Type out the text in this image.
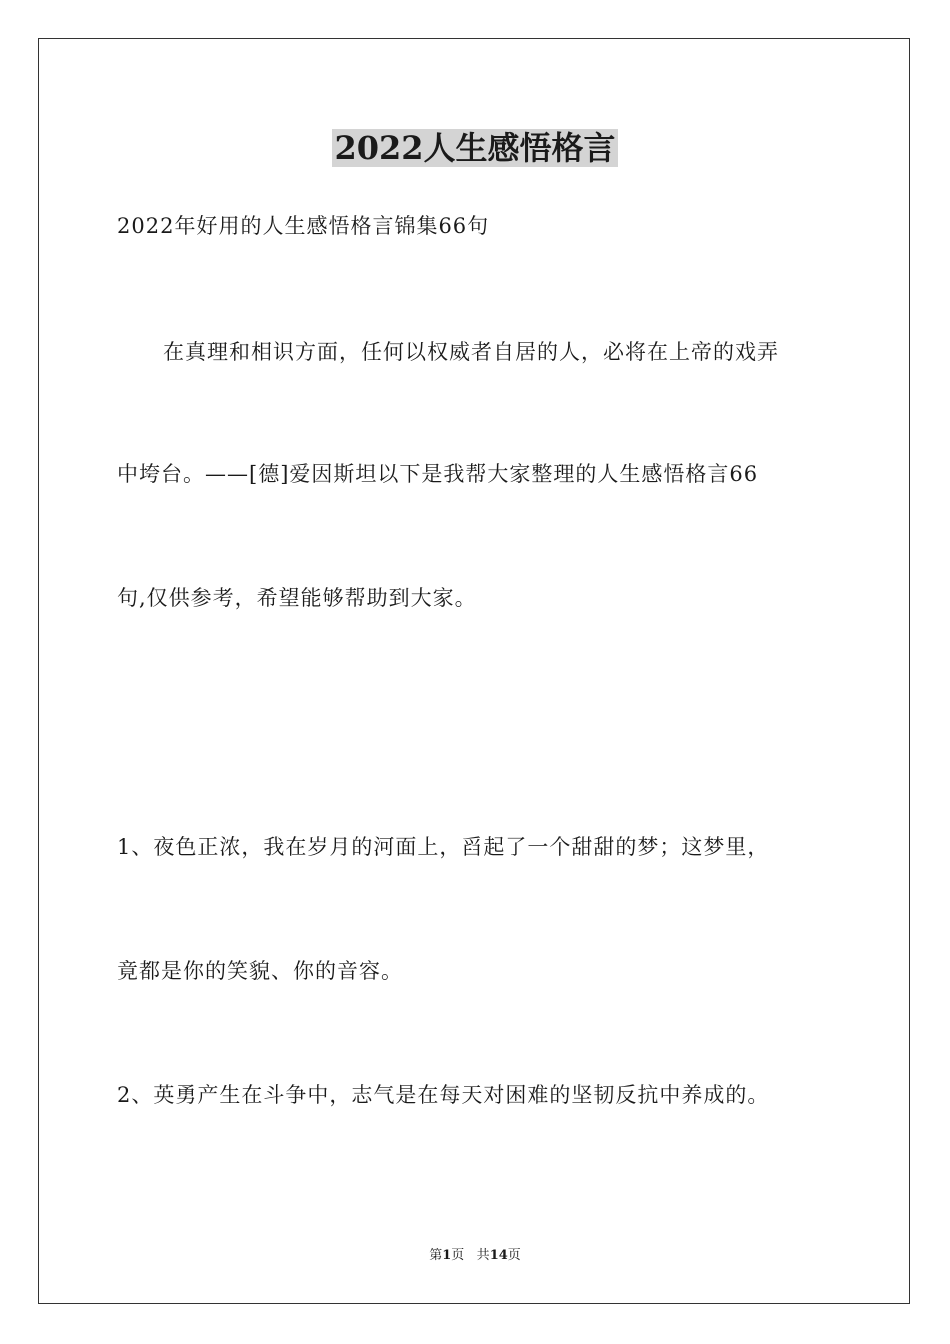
2022人生感悟格言
2022年好用的人生感悟格言锦集66句
在真理和相识方面，任何以权威者自居的人，必将在上帝的戏弄
中垮台。——[德]爱因斯坦以下是我帮大家整理的人生感悟格言66
句,仅供参考，希望能够帮助到大家。
1、夜色正浓，我在岁月的河面上，舀起了一个甜甜的梦；这梦里，
竟都是你的笑貌、你的音容。
2、英勇产生在斗争中，志气是在每天对困难的坚韧反抗中养成的。
第1页 共14页
